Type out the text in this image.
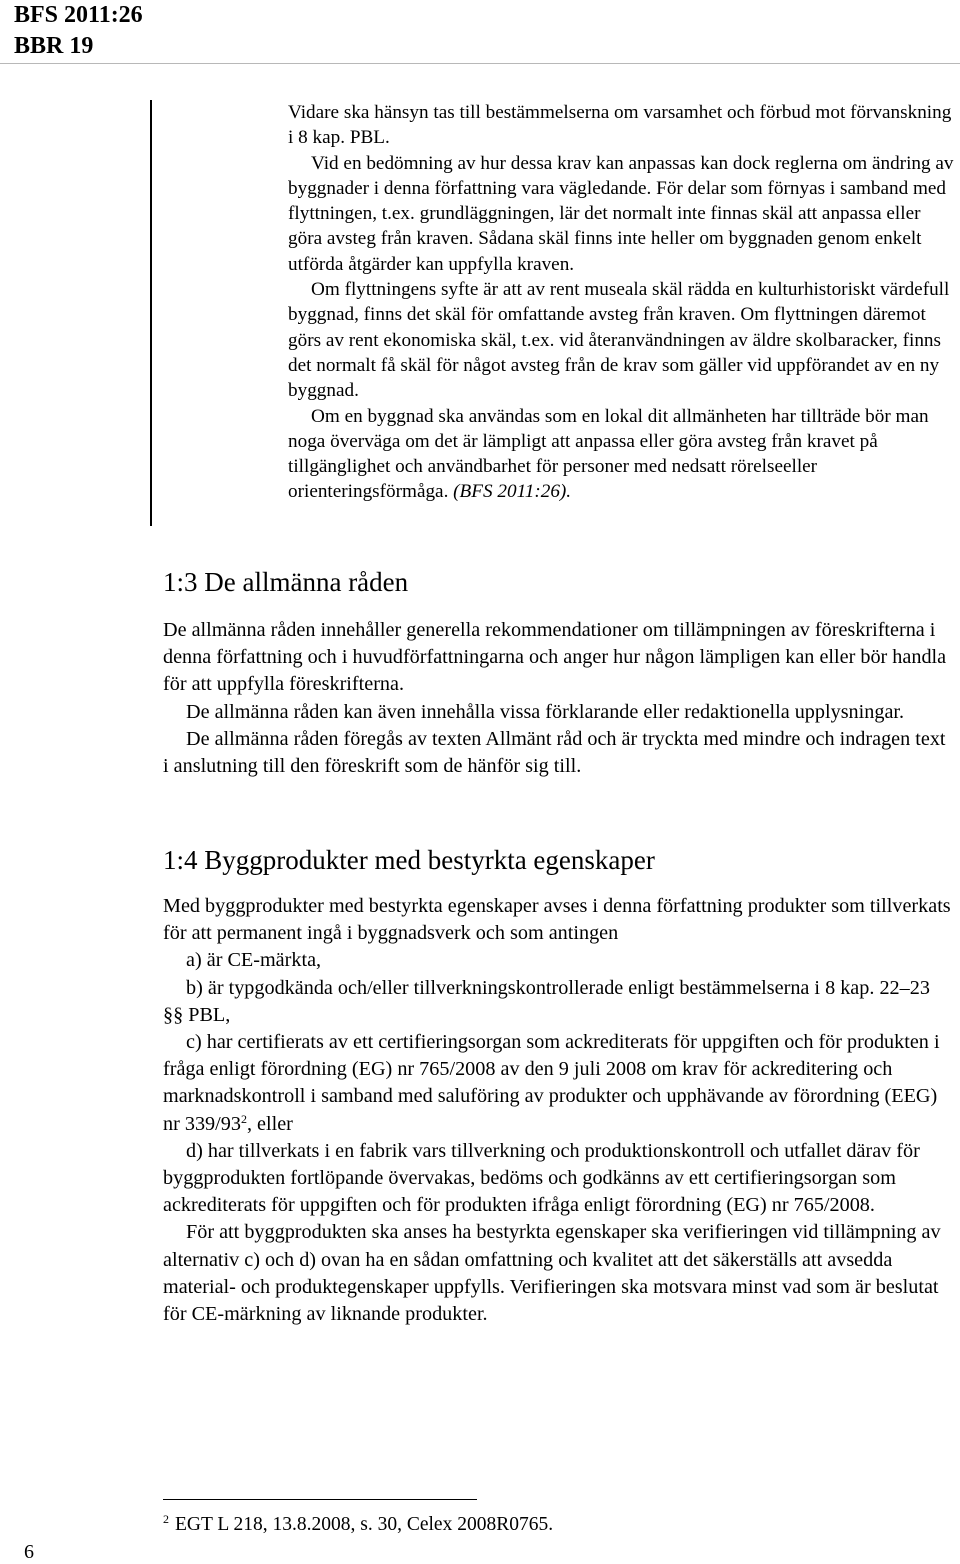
BFS 2011:26
BBR 19

Vidare ska hänsyn tas till bestämmelserna om varsamhet och förbud mot förvanskning i 8 kap. PBL.

Vid en bedömning av hur dessa krav kan anpassas kan dock reglerna om ändring av byggnader i denna författning vara vägledande. För delar som förnyas i samband med flyttningen, t.ex. grundläggningen, lär det normalt inte finnas skäl att anpassa eller göra avsteg från kraven. Sådana skäl finns inte heller om byggnaden genom enkelt utförda åtgärder kan uppfylla kraven.

Om flyttningens syfte är att av rent museala skäl rädda en kulturhistoriskt värdefull byggnad, finns det skäl för omfattande avsteg från kraven. Om flyttningen däremot görs av rent ekonomiska skäl, t.ex. vid återanvändningen av äldre skolbaracker, finns det normalt få skäl för något avsteg från de krav som gäller vid uppförandet av en ny byggnad.

Om en byggnad ska användas som en lokal dit allmänheten har tillträde bör man noga överväga om det är lämpligt att anpassa eller göra avsteg från kravet på tillgänglighet och användbarhet för personer med nedsatt rörelseeller orienteringsförmåga. (BFS 2011:26).

1:3 De allmänna råden

De allmänna råden innehåller generella rekommendationer om tillämpningen av föreskrifterna i denna författning och i huvudförfattningarna och anger hur någon lämpligen kan eller bör handla för att uppfylla föreskrifterna.

De allmänna råden kan även innehålla vissa förklarande eller redaktionella upplysningar.

De allmänna råden föregås av texten Allmänt råd och är tryckta med mindre och indragen text i anslutning till den föreskrift som de hänför sig till.

1:4 Byggprodukter med bestyrkta egenskaper

Med byggprodukter med bestyrkta egenskaper avses i denna författning produkter som tillverkats för att permanent ingå i byggnadsverk och som antingen

a) är CE-märkta,

b) är typgodkända och/eller tillverkningskontrollerade enligt bestämmelserna i 8 kap. 22–23 §§ PBL,

c) har certifierats av ett certifieringsorgan som ackrediterats för uppgiften och för produkten i fråga enligt förordning (EG) nr 765/2008 av den 9 juli 2008 om krav för ackreditering och marknadskontroll i samband med saluföring av produkter och upphävande av förordning (EEG) nr $339/93^2$, eller

d) har tillverkats i en fabrik vars tillverkning och produktionskontroll och utfallet därav för byggprodukten fortlöpande övervakas, bedöms och godkänns av ett certifieringsorgan som ackrediterats för uppgiften och för produkten ifråga enligt förordning (EG) nr 765/2008.

För att byggprodukten ska anses ha bestyrkta egenskaper ska verifieringen vid tillämpning av alternativ c) och d) ovan ha en sådan omfattning och kvalitet att det säkerställs att avsedda material- och produktegenskaper uppfylls. Verifieringen ska motsvara minst vad som är beslutat för CE-märkning av liknande produkter.

$^2$ EGT L 218, 13.8.2008, s. 30, Celex 2008R0765.
6
